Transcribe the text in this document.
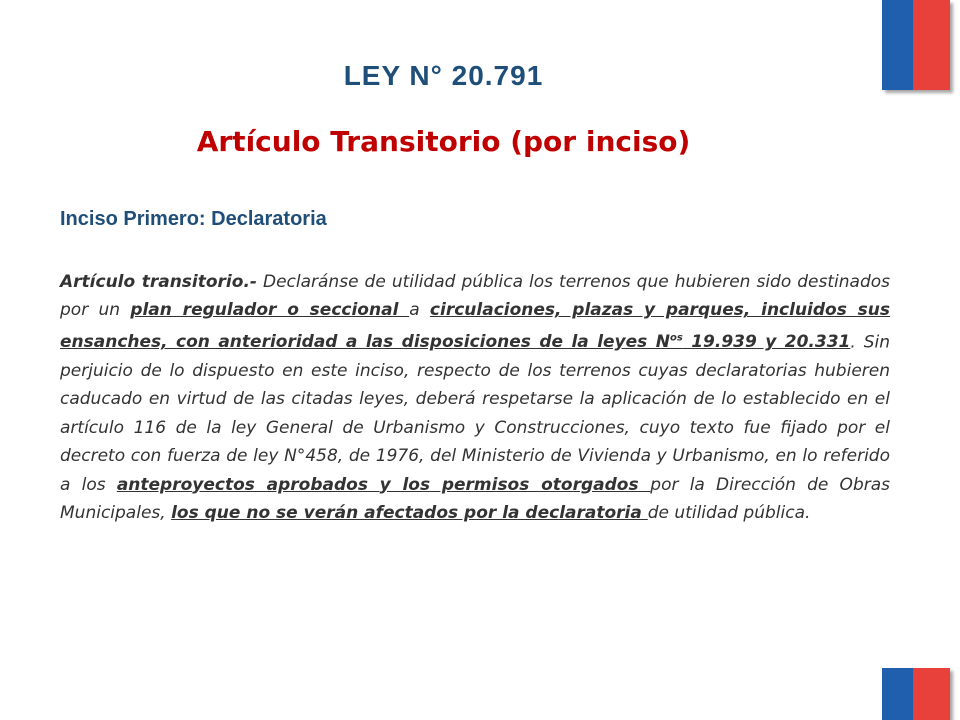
LEY N° 20.791
Artículo Transitorio (por inciso)
Inciso Primero: Declaratoria
Artículo transitorio.- Declaránse de utilidad pública los terrenos que hubieren sido destinados por un plan regulador o seccional a circulaciones, plazas y parques, incluidos sus ensanches, con anterioridad a las disposiciones de la leyes $N^{os}$ 19.939 y 20.331. Sin perjuicio de lo dispuesto en este inciso, respecto de los terrenos cuyas declaratorias hubieren caducado en virtud de las citadas leyes, deberá respetarse la aplicación de lo establecido en el artículo 116 de la ley General de Urbanismo y Construcciones, cuyo texto fue fijado por el decreto con fuerza de ley N°458, de 1976, del Ministerio de Vivienda y Urbanismo, en lo referido a los anteproyectos aprobados y los permisos otorgados por la Dirección de Obras Municipales, los que no se verán afectados por la declaratoria de utilidad pública.
